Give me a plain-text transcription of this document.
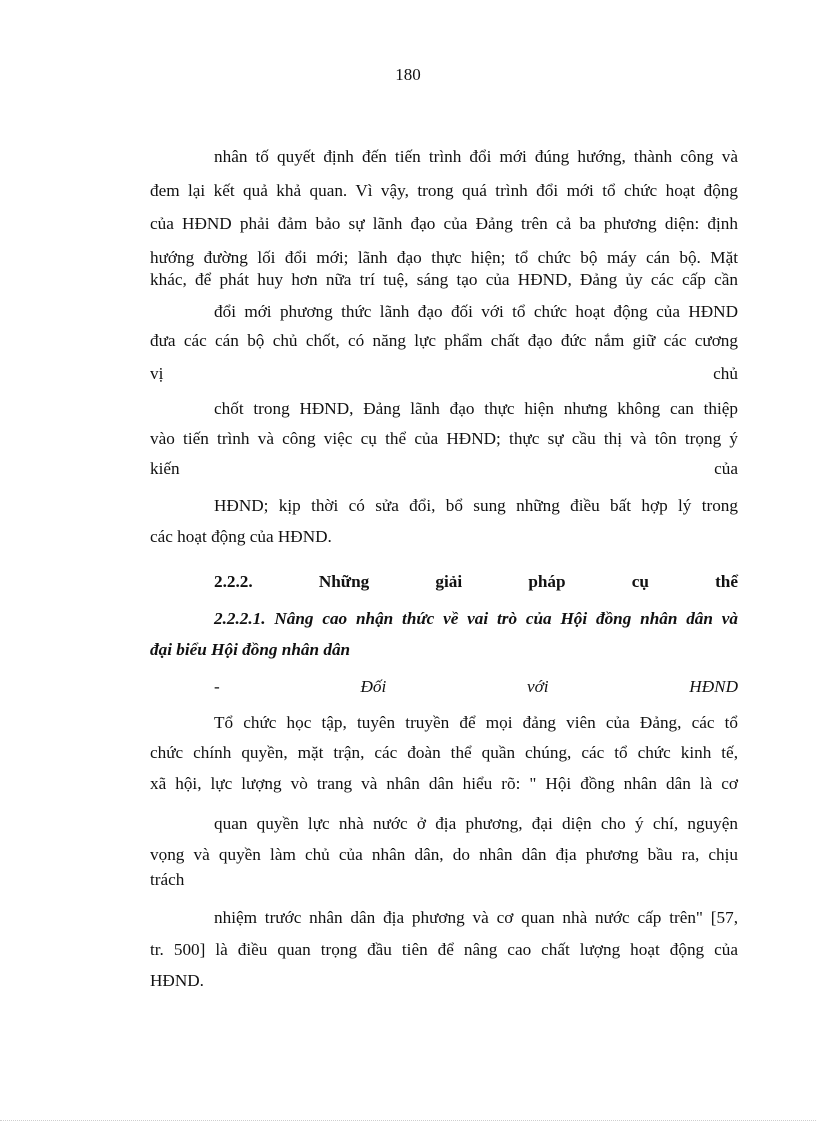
180
nhân tố quyết định đến tiến trình đổi mới đúng hướng, thành công và
đem lại kết quả khả quan. Vì vậy, trong quá trình đổi mới tổ chức hoạt động
của HĐND phải đảm bảo sự lãnh đạo của Đảng trên cả ba phương diện: định
hướng đường lối đổi mới; lãnh đạo thực hiện; tổ chức bộ máy cán bộ. Mặt
khác, để phát huy hơn nữa trí tuệ, sáng tạo của HĐND, Đảng ủy các cấp cần
đổi mới phương thức lãnh đạo đối với tổ chức hoạt động của HĐND
đưa các cán bộ chủ chốt, có năng lực phẩm chất đạo đức nắm giữ các cương
vị chủ
chốt trong HĐND, Đảng lãnh đạo thực hiện nhưng không can thiệp
vào tiến trình và công việc cụ thể của HĐND; thực sự cầu thị và tôn trọng ý
kiến của
HĐND; kịp thời có sửa đổi, bổ sung những điều bất hợp lý trong
các hoạt động của HĐND.
2.2.2. Những giải pháp cụ thể
2.2.2.1. Nâng cao nhận thức về vai trò của Hội đồng nhân dân và
đại biểu Hội đồng nhân dân
- Đối với HĐND
Tổ chức học tập, tuyên truyền để mọi đảng viên của Đảng, các tổ
chức chính quyền, mặt trận, các đoàn thể quần chúng, các tổ chức kinh tế,
xã hội, lực lượng vò trang và nhân dân hiểu rõ: " Hội đồng nhân dân là cơ
quan quyền lực nhà nước ở địa phương, đại diện cho ý chí, nguyện
vọng và quyền làm chủ của nhân dân, do nhân dân địa phương bầu ra, chịu
trách
nhiệm trước nhân dân địa phương và cơ quan nhà nước cấp trên" [57,
tr. 500] là điều quan trọng đầu tiên để nâng cao chất lượng hoạt động của
HĐND.
